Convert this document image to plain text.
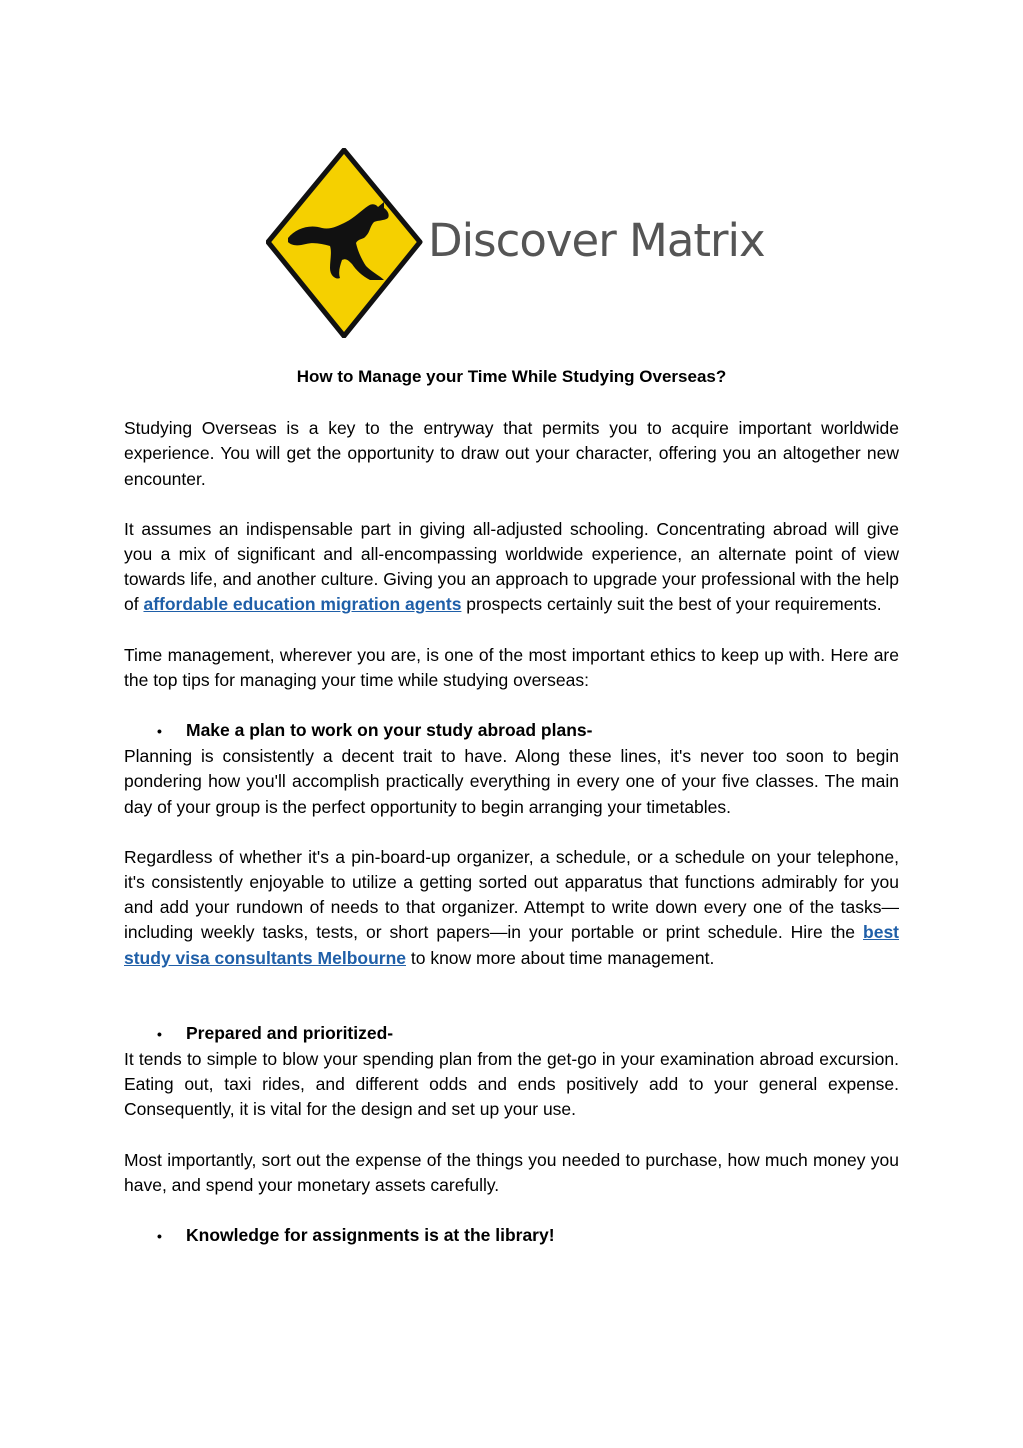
Discover Matrix
How to Manage your Time While Studying Overseas?

Studying Overseas is a key to the entryway that permits you to acquire important worldwide experience. You will get the opportunity to draw out your character, offering you an altogether new encounter.

It assumes an indispensable part in giving all-adjusted schooling. Concentrating abroad will give you a mix of significant and all-encompassing worldwide experience, an alternate point of view towards life, and another culture. Giving you an approach to upgrade your professional with the help of affordable education migration agents prospects certainly suit the best of your requirements.

Time management, wherever you are, is one of the most important ethics to keep up with. Here are the top tips for managing your time while studying overseas:

•	Make a plan to work on your study abroad plans-

Planning is consistently a decent trait to have. Along these lines, it's never too soon to begin pondering how you'll accomplish practically everything in every one of your five classes. The main day of your group is the perfect opportunity to begin arranging your timetables.

Regardless of whether it's a pin-board-up organizer, a schedule, or a schedule on your telephone, it's consistently enjoyable to utilize a getting sorted out apparatus that functions admirably for you and add your rundown of needs to that organizer. Attempt to write down every one of the tasks—including weekly tasks, tests, or short papers—in your portable or print schedule. Hire the best study visa consultants Melbourne to know more about time management.

•	Prepared and prioritized-

It tends to simple to blow your spending plan from the get-go in your examination abroad excursion. Eating out, taxi rides, and different odds and ends positively add to your general expense. Consequently, it is vital for the design and set up your use.

Most importantly, sort out the expense of the things you needed to purchase, how much money you have, and spend your monetary assets carefully.

•	Knowledge for assignments is at the library!
